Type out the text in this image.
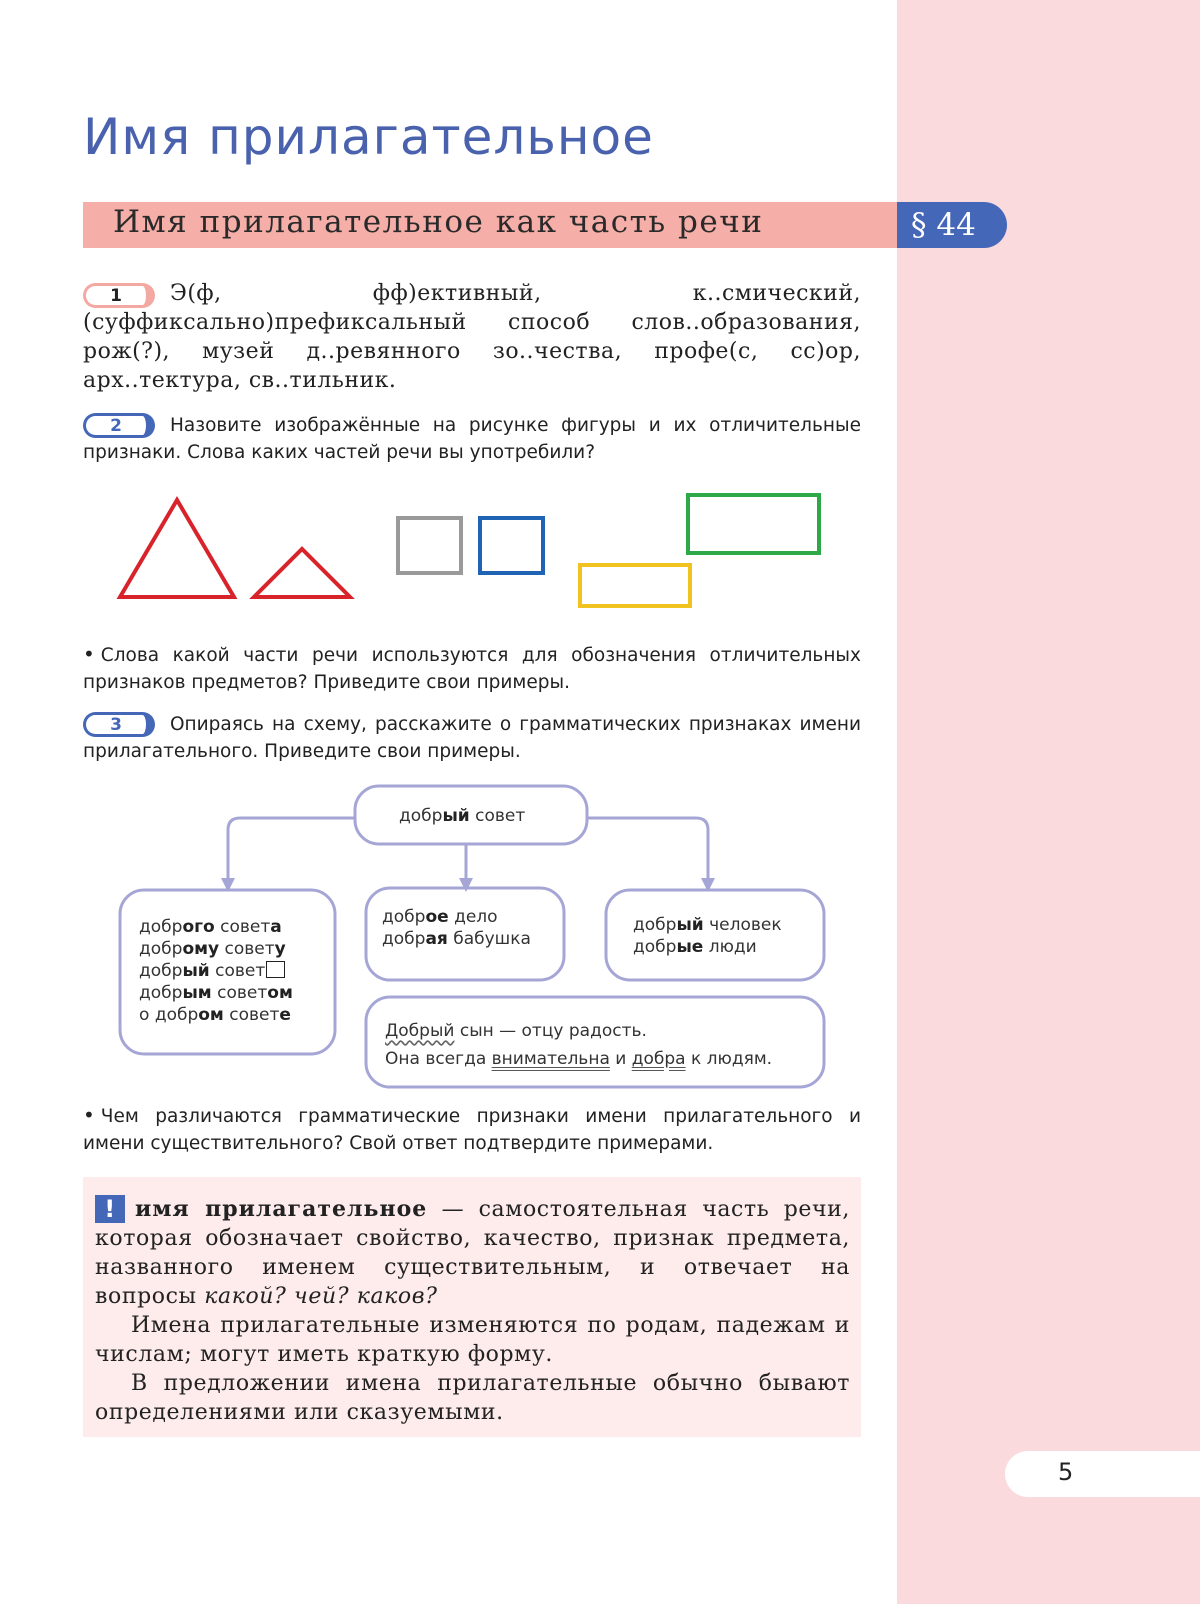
Имя прилагательное
Имя прилагательное как часть речи	§ 44
1	Э(ф, фф)ективный, к..смический, (суффиксально)префиксальный способ слов..образования, рож(?), музей д..ревянного зо..чества, профе(с, сс)ор, арх..тектура, св..тильник.

2	Назовите изображённые на рисунке фигуры и их отличительные признаки. Слова каких частей речи вы употребили?

• Слова какой части речи используются для обозначения отличительных признаков предметов? Приведите свои примеры.

3	Опираясь на схему, расскажите о грамматических признаках имени прилагательного. Приведите свои примеры.

добрый совет
доброго совета
доброму совету
добрый совет
добрым советом
о добром совете
доброе дело
добрая бабушка
добрый человек
добрые люди
Добрый сын — отцу радость.
Она всегда внимательна и добра к людям.

• Чем различаются грамматические признаки имени прилагательного и имени существительного? Свой ответ подтвердите примерами.

! имя прилагательное — самостоятельная часть речи, которая обозначает свойство, качество, признак предмета, названного именем существительным, и отвечает на вопросы какой? чей? каков?
Имена прилагательные изменяются по родам, падежам и числам; могут иметь краткую форму.
В предложении имена прилагательные обычно бывают определениями или сказуемыми.
5
